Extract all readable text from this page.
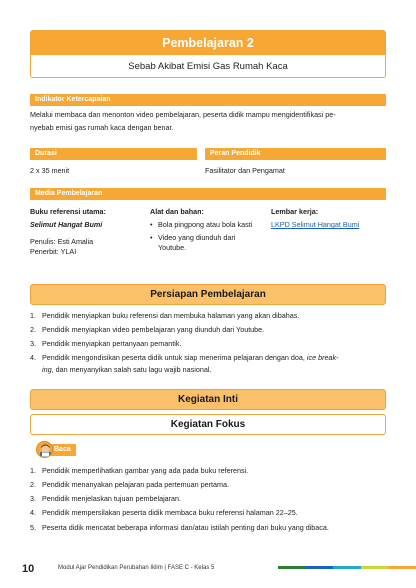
Pembelajaran 2
Sebab Akibat Emisi Gas Rumah Kaca
Indikator Ketercapaian
Melalui membaca dan menonton video pembelajaran, peserta didik mampu mengidentifikasi pe-
nyebab emisi gas rumah kaca dengan benar.
Durasi
2 x 35 menit
Peran Pendidik
Fasilitator dan Pengamat
Media Pembelajaran
Buku referensi utama:
Selimut Hangat Bumi
Penulis: Esti Amalia
Penerbit: YLAI
Alat dan bahan:
• Bola pingpong atau bola kasti
• Video yang diunduh dari Youtube.
Lembar kerja:
LKPD Selimut Hangat Bumi
Persiapan Pembelajaran
1. Pendidik menyiapkan buku referensi dan membuka halaman yang akan dibahas.
2. Pendidik menyiapkan video pembelajaran yang diunduh dari Youtube.
3. Pendidik menyiapkan pertanyaan pemantik.
4. Pendidik mengondisikan peserta didik untuk siap menerima pelajaran dengan doa, ice break-
ing, dan menyanyikan salah satu lagu wajib nasional.
Kegiatan Inti
Kegiatan Fokus
Baca
1. Pendidik memperlihatkan gambar yang ada pada buku referensi.
2. Pendidik menanyakan pelajaran pada pertemuan pertama.
3. Pendidik menjelaskan tujuan pembelajaran.
4. Pendidik mempersilakan peserta didik membaca buku referensi halaman 22–25.
5. Peserta didik mencatat beberapa informasi dan/atau istilah penting dari buku yang dibaca.
10	Modul Ajar Pendidikan Perubahan Iklim | FASE C - Kelas 5
